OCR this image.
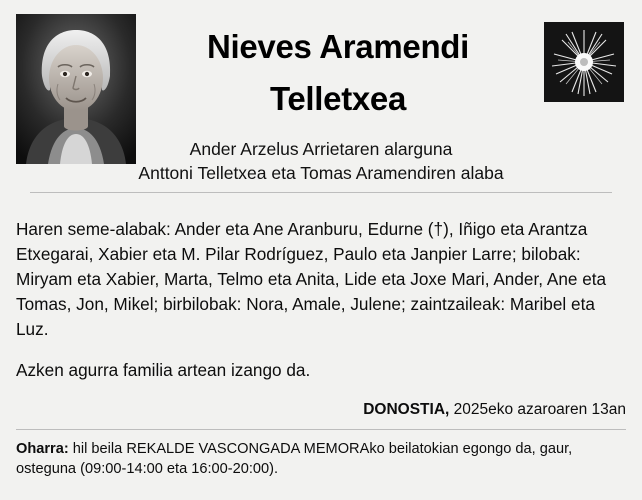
Nieves Aramendi
Telletxea
Ander Arzelus Arrietaren alarguna
Anttoni Telletxea eta Tomas Aramendiren alaba

Haren seme-alabak: Ander eta Ane Aranburu, Edurne (†), Iñigo eta Arantza Etxegarai, Xabier eta M. Pilar Rodríguez, Paulo eta Janpier Larre; bilobak: Miryam eta Xabier, Marta, Telmo eta Anita, Lide eta Joxe Mari, Ander, Ane eta Tomas, Jon, Mikel; birbilobak: Nora, Amale, Julene; zaintzaileak: Maribel eta Luz.

Azken agurra familia artean izango da.

DONOSTIA, 2025eko azaroaren 13an
Oharra: hil beila REKALDE VASCONGADA MEMORAko beilatokian egongo da, gaur, osteguna (09:00-14:00 eta 16:00-20:00).
